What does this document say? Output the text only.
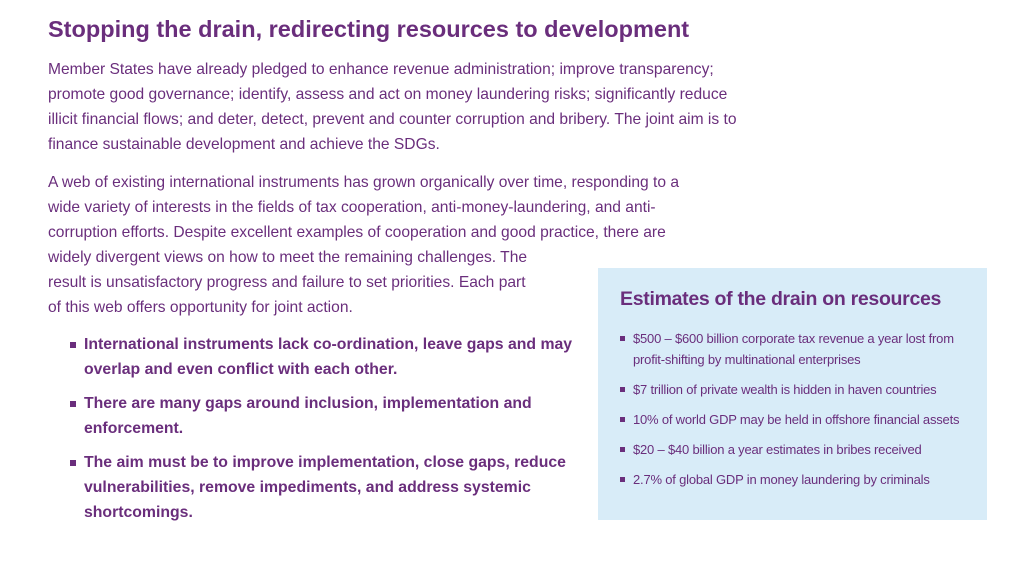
Stopping the drain, redirecting resources to development

Member States have already pledged to enhance revenue administration; improve transparency; promote good governance; identify, assess and act on money laundering risks; significantly reduce illicit financial flows; and deter, detect, prevent and counter corruption and bribery. The joint aim is to finance sustainable development and achieve the SDGs.

A web of existing international instruments has grown organically over time, responding to a
wide variety of interests in the fields of tax cooperation, anti-money-laundering, and anti-
corruption efforts. Despite excellent examples of cooperation and good practice, there are
widely divergent views on how to meet the remaining challenges. The
result is unsatisfactory progress and failure to set priorities. Each part
of this web offers opportunity for joint action.

International instruments lack co-ordination, leave gaps and may overlap and even conflict with each other.
There are many gaps around inclusion, implementation and enforcement.
The aim must be to improve implementation, close gaps, reduce vulnerabilities, remove impediments, and address systemic shortcomings.
Estimates of the drain on resources
$500 – $600 billion corporate tax revenue a year lost from profit-shifting by multinational enterprises
$7 trillion of private wealth is hidden in haven countries
10% of world GDP may be held in offshore financial assets
$20 – $40 billion a year estimates in bribes received
2.7% of global GDP in money laundering by criminals
